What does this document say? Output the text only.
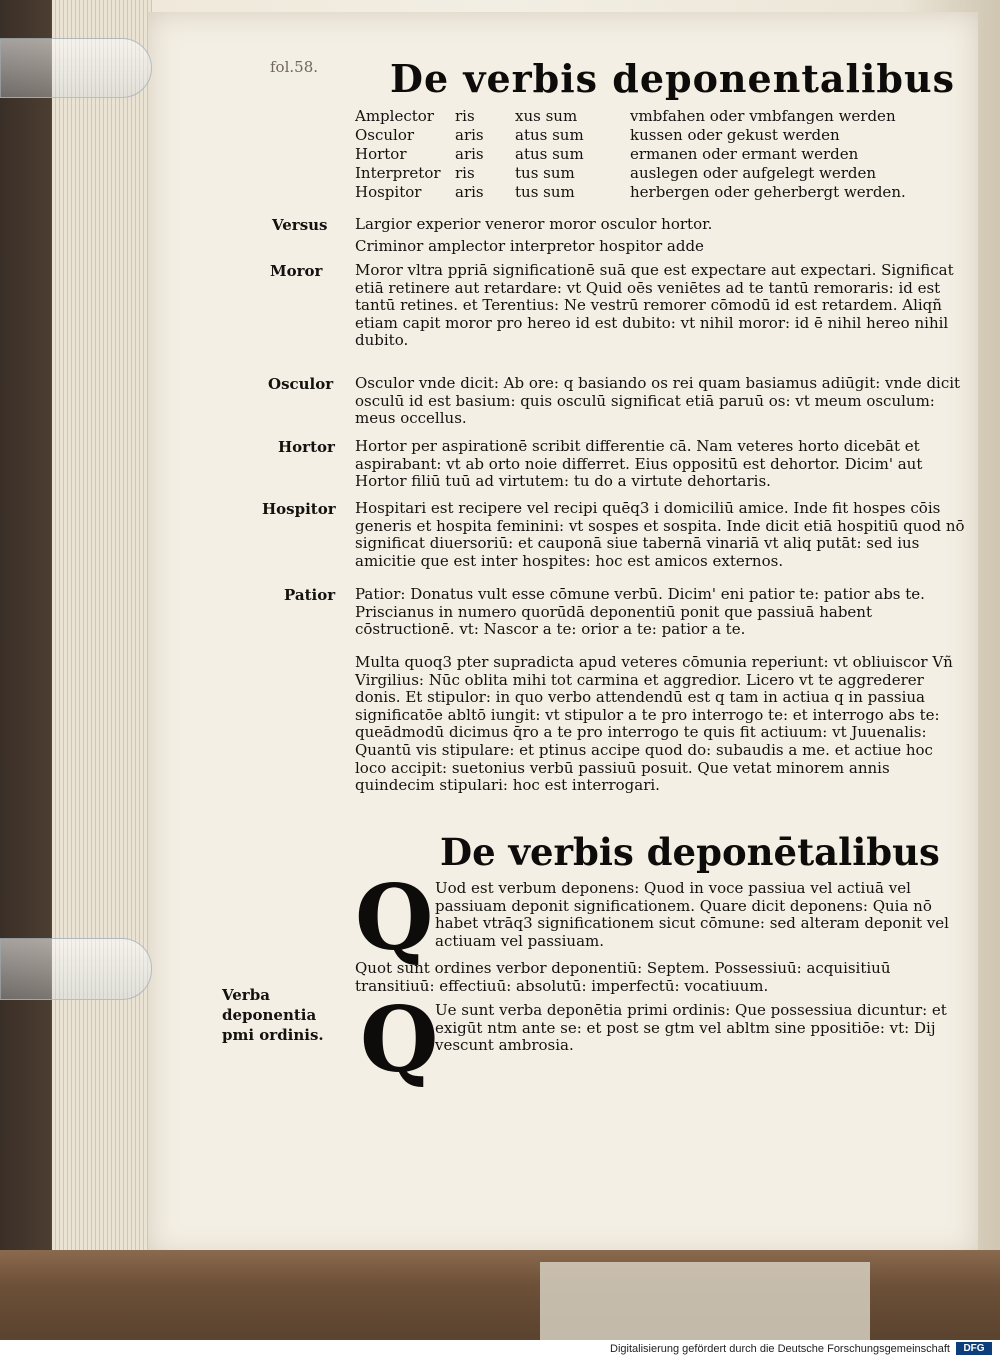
fol.58. De verbis deponentalibus
Amplector	ris	xus sum	vmbfahen oder vmbfangen werden
Osculor	aris	atus sum	kussen oder gekust werden
Hortor	aris	atus sum	ermanen oder ermant werden
Interpretor ris	tus sum	auslegen oder aufgelegt werden
Hospitor	aris	tus sum	herbergen oder geherbergt werden.
Versus Largior experior veneror moror osculor hortor.
Criminor amplector interpretor hospitor adde
Moror Moror vltra ppriā significationē suā que est expectare aut expectari. Significat etiā retinere aut retardare: vt Quid oēs veniētes ad te tantū remoraris: id est tantū retines. et Terentius: Ne vestrū remorer cōmodū id est retardem. Aliqñ etiam capit moror pro hereo id est dubito: vt nihil moror: id ē nihil hereo nihil dubito.
Osculor Osculor vnde dicit: Ab ore: q basiando os rei quam basiamus adiūgit: vnde dicit osculū id est basium: quis osculū significat etiā paruū os: vt meum osculum: meus occellus.
Hortor Hortor per aspirationē scribit differentie cā. Nam veteres horto dicebāt et aspirabant: vt ab orto noie differret. Eius oppositū est dehortor. Dicim' aut Hortor filiū tuū ad virtutem: tu do a virtute dehortaris.
Hospitor Hospitari est recipere vel recipi quēq3 i domiciliū amice. Inde fit hospes cōis generis et hospita feminini: vt sospes et sospita. Inde dicit etiā hospitiū quod nō significat diuersoriū: et cauponā siue tabernā vinariā vt aliq putāt: sed ius amicitie que est inter hospites: hoc est amicos externos.
Patior Patior: Donatus vult esse cōmune verbū. Dicim' eni patior te: patior abs te. Priscianus in numero quorūdā deponentiū ponit que passiuā habent cōstructionē. vt: Nascor a te: orior a te: patior a te.
Multa quoq3 pter supradicta apud veteres cōmunia reperiunt: vt obliuiscor Vñ Virgilius: Nūc oblita mihi tot carmina et aggredior. Licero vt te aggrederer donis. Et stipulor: in quo verbo attendendū est q tam in actiua q in passiua significatōe abltō iungit: vt stipulor a te pro interrogo te: et interrogo abs te: queādmodū dicimus q̄ro a te pro interrogo te quis fit actiuum: vt Juuenalis: Quantū vis stipulare: et ptinus accipe quod do: subaudis a me. et actiue hoc loco accipit: suetonius verbū passiuū posuit. Que vetat minorem annis quindecim stipulari: hoc est interrogari.
De verbis deponētalibus
Q Uod est verbum deponens: Quod in voce passiua vel actiuā vel passiuam deponit significationem. Quare dicit deponens: Quia nō habet vtrāq3 significationem sicut cōmune: sed alteram deponit vel actiuam vel passiuam.
Quot sunt ordines verbor deponentiū: Septem. Possessiuū: acquisitiuū transitiuū: effectiuū: absolutū: imperfectū: vocatiuum.
Verba deponentia pmi ordinis. Q
Ue sunt verba deponētia primi ordinis: Que possessiua dicuntur: et exigūt ntm ante se: et post se gtm vel abltm sine ppositiōe: vt: Dij vescunt ambrosia.
Digitalisierung gefördert durch die Deutsche Forschungsgemeinschaft	DFG
